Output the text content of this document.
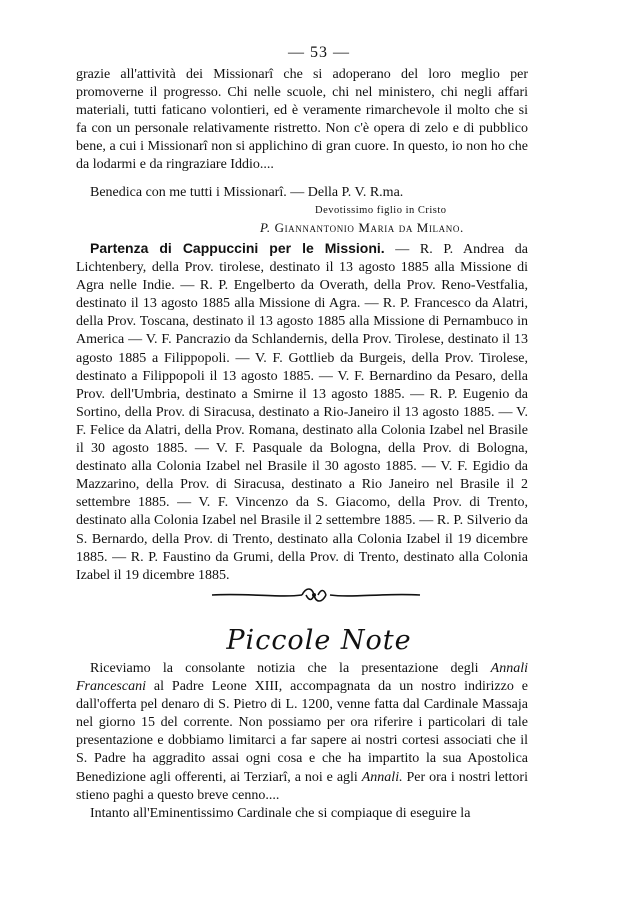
— 53 —

grazie all'attività dei Missionarî che si adoperano del loro meglio per promoverne il progresso. Chi nelle scuole, chi nel ministero, chi negli affari materiali, tutti faticano volontieri, ed è veramente rimarchevole il molto che si fa con un personale relativamente ristretto. Non c'è opera di zelo e di pubblico bene, a cui i Missionarî non si applichino di gran cuore. In questo, io non ho che da lodarmi e da ringraziare Iddio....

Benedica con me tutti i Missionarî. — Della P. V. R.ma.

Devotissimo figlio in Cristo
P. Giannantonio Maria da Milano.

Partenza di Cappuccini per le Missioni. — R. P. Andrea da Lichtenbery, della Prov. tirolese, destinato il 13 agosto 1885 alla Missione di Agra nelle Indie. — R. P. Engelberto da Overath, della Prov. Reno-Vestfalia, destinato il 13 agosto 1885 alla Missione di Agra. — R. P. Francesco da Alatri, della Prov. Toscana, destinato il 13 agosto 1885 alla Missione di Pernambuco in America — V. F. Pancrazio da Schlandernis, della Prov. Tirolese, destinato il 13 agosto 1885 a Filippopoli. — V. F. Gottlieb da Burgeis, della Prov. Tirolese, destinato a Filippopoli il 13 agosto 1885. — V. F. Bernardino da Pesaro, della Prov. dell'Umbria, destinato a Smirne il 13 agosto 1885. — R. P. Eugenio da Sortino, della Prov. di Siracusa, destinato a Rio-Janeiro il 13 agosto 1885. — V. F. Felice da Alatri, della Prov. Romana, destinato alla Colonia Izabel nel Brasile il 30 agosto 1885. — V. F. Pasquale da Bologna, della Prov. di Bologna, destinato alla Colonia Izabel nel Brasile il 30 agosto 1885. — V. F. Egidio da Mazzarino, della Prov. di Siracusa, destinato a Rio Janeiro nel Brasile il 2 settembre 1885. — V. F. Vincenzo da S. Giacomo, della Prov. di Trento, destinato alla Colonia Izabel nel Brasile il 2 settembre 1885. — R. P. Silverio da S. Bernardo, della Prov. di Trento, destinato alla Colonia Izabel il 19 dicembre 1885. — R. P. Faustino da Grumi, della Prov. di Trento, destinato alla Colonia Izabel il 19 dicembre 1885.

Piccole Note

Riceviamo la consolante notizia che la presentazione degli Annali Francescani al Padre Leone XIII, accompagnata da un nostro indirizzo e dall'offerta pel denaro di S. Pietro di L. 1200, venne fatta dal Cardinale Massaja nel giorno 15 del corrente. Non possiamo per ora riferire i particolari di tale presentazione e dobbiamo limitarci a far sapere ai nostri cortesi associati che il S. Padre ha aggradito assai ogni cosa e che ha impartito la sua Apostolica Benedizione agli offerenti, ai Terziarî, a noi e agli Annali. Per ora i nostri lettori stieno paghi a questo breve cenno....

Intanto all'Eminentissimo Cardinale che si compiaque di eseguire la
